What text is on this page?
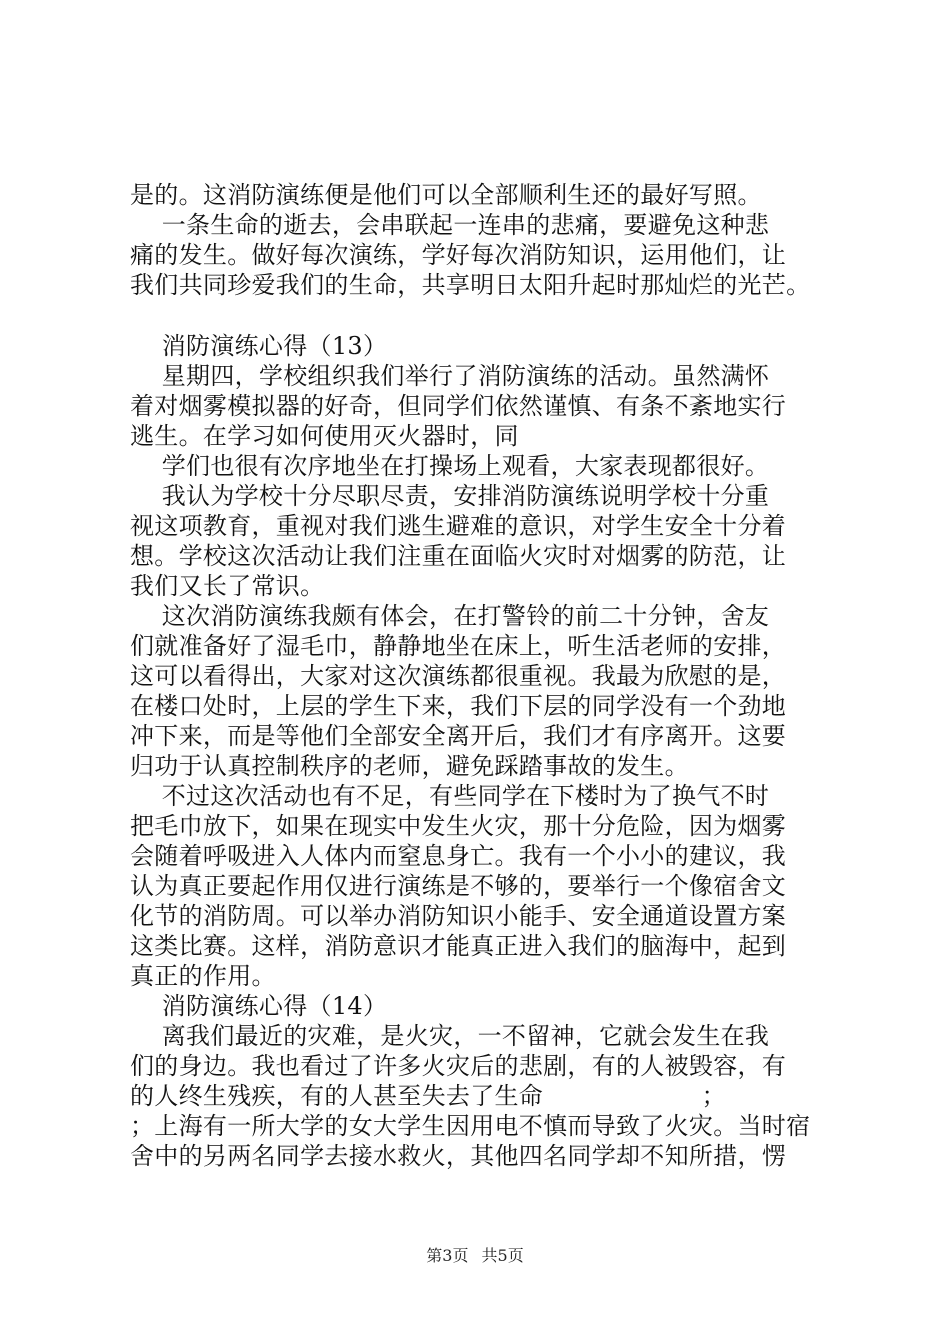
是的。这消防演练便是他们可以全部顺利生还的最好写照。
一条生命的逝去，会串联起一连串的悲痛，要避免这种悲
痛的发生。做好每次演练，学好每次消防知识，运用他们，让
我们共同珍爱我们的生命，共享明日太阳升起时那灿烂的光芒。
消防演练心得（13）
星期四，学校组织我们举行了消防演练的活动。虽然满怀
着对烟雾模拟器的好奇，但同学们依然谨慎、有条不紊地实行
逃生。在学习如何使用灭火器时，同
学们也很有次序地坐在打操场上观看，大家表现都很好。
我认为学校十分尽职尽责，安排消防演练说明学校十分重
视这项教育，重视对我们逃生避难的意识，对学生安全十分着
想。学校这次活动让我们注重在面临火灾时对烟雾的防范，让
我们又长了常识。
这次消防演练我颇有体会，在打警铃的前二十分钟，舍友
们就准备好了湿毛巾，静静地坐在床上，听生活老师的安排，
这可以看得出，大家对这次演练都很重视。我最为欣慰的是，
在楼口处时，上层的学生下来，我们下层的同学没有一个劲地
冲下来，而是等他们全部安全离开后，我们才有序离开。这要
归功于认真控制秩序的老师，避免踩踏事故的发生。
不过这次活动也有不足，有些同学在下楼时为了换气不时
把毛巾放下，如果在现实中发生火灾，那十分危险，因为烟雾
会随着呼吸进入人体内而窒息身亡。我有一个小小的建议，我
认为真正要起作用仅进行演练是不够的，要举行一个像宿舍文
化节的消防周。可以举办消防知识小能手、安全通道设置方案
这类比赛。这样，消防意识才能真正进入我们的脑海中，起到
真正的作用。
消防演练心得（14）
离我们最近的灾难，是火灾，一不留神，它就会发生在我
们的身边。我也看过了许多火灾后的悲剧，有的人被毁容，有
的人终生残疾，有的人甚至失去了生命                    ；
；上海有一所大学的女大学生因用电不慎而导致了火灾。当时宿
舍中的另两名同学去接水救火，其他四名同学却不知所措，愣
第3页 共5页
